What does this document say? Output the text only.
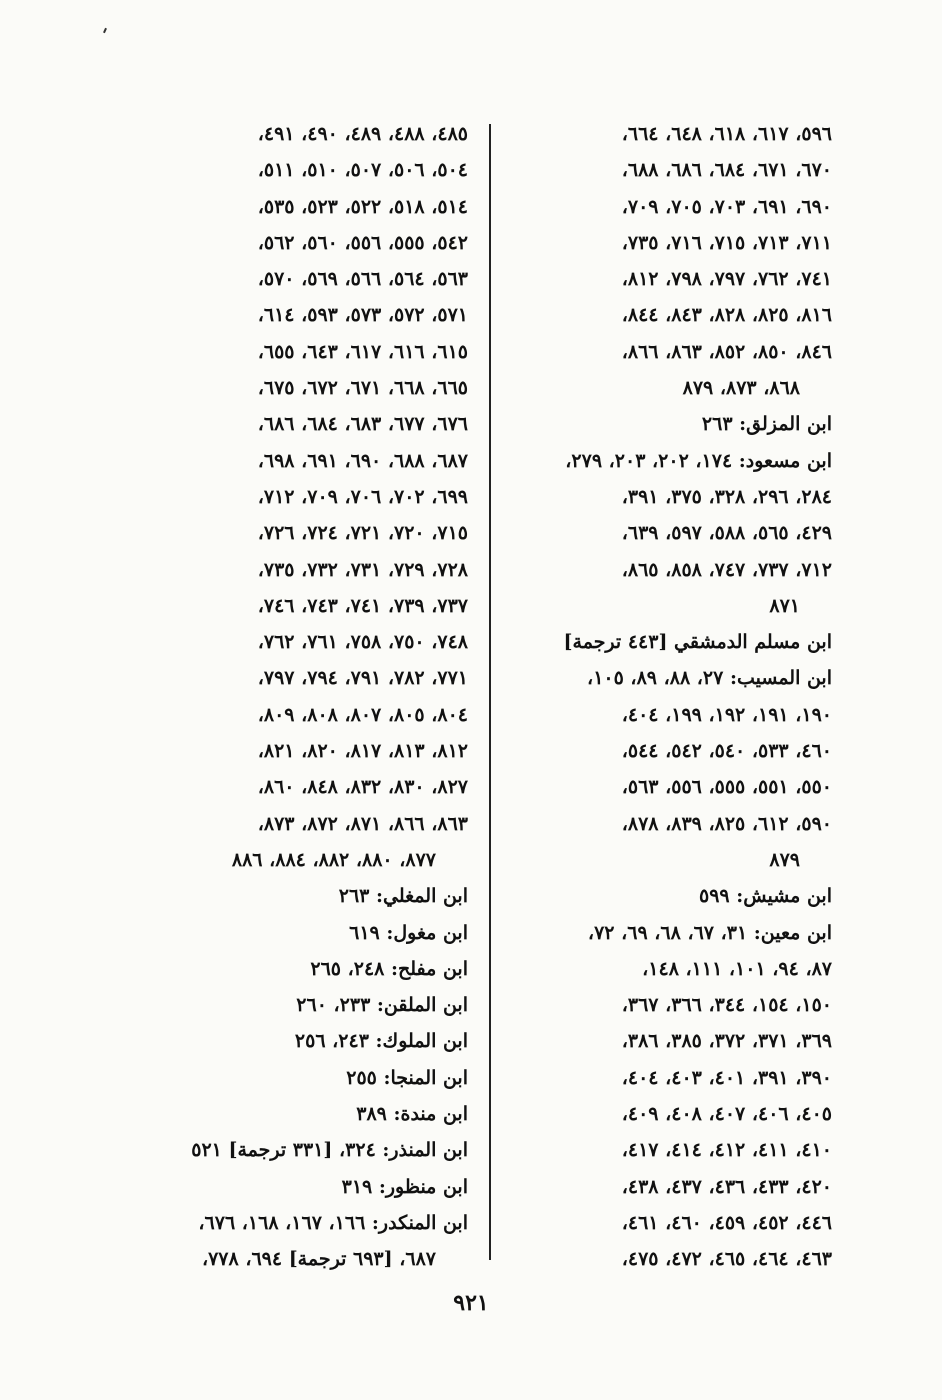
٥٩٦، ٦١٧، ٦١٨، ٦٤٨، ٦٦٤،
٦٧٠، ٦٧١، ٦٨٤، ٦٨٦، ٦٨٨،
٦٩٠، ٦٩١، ٧٠٣، ٧٠٥، ٧٠٩،
٧١١، ٧١٣، ٧١٥، ٧١٦، ٧٣٥،
٧٤١، ٧٦٢، ٧٩٧، ٧٩٨، ٨١٢،
٨١٦، ٨٢٥، ٨٢٨، ٨٤٣، ٨٤٤،
٨٤٦، ٨٥٠، ٨٥٢، ٨٦٣، ٨٦٦،
٨٦٨، ٨٧٣، ٨٧٩
ابن المزلق: ٢٦٣
ابن مسعود: ١٧٤، ٢٠٢، ٢٠٣، ٢٧٩،
٢٨٤، ٢٩٦، ٣٢٨، ٣٧٥، ٣٩١،
٤٢٩، ٥٦٥، ٥٨٨، ٥٩٧، ٦٣٩،
٧١٢، ٧٣٧، ٧٤٧، ٨٥٨، ٨٦٥،
٨٧١
ابن مسلم الدمشقي [٤٤٣ ترجمة]
ابن المسيب: ٢٧، ٨٨، ٨٩، ١٠٥،
١٩٠، ١٩١، ١٩٢، ١٩٩، ٤٠٤،
٤٦٠، ٥٣٣، ٥٤٠، ٥٤٢، ٥٤٤،
٥٥٠، ٥٥١، ٥٥٥، ٥٥٦، ٥٦٣،
٥٩٠، ٦١٢، ٨٢٥، ٨٣٩، ٨٧٨،
٨٧٩
ابن مشيش: ٥٩٩
ابن معين: ٣١، ٦٧، ٦٨، ٦٩، ٧٢،
٨٧، ٩٤، ١٠١، ١١١، ١٤٨،
١٥٠، ١٥٤، ٣٤٤، ٣٦٦، ٣٦٧،
٣٦٩، ٣٧١، ٣٧٢، ٣٨٥، ٣٨٦،
٣٩٠، ٣٩١، ٤٠١، ٤٠٣، ٤٠٤،
٤٠٥، ٤٠٦، ٤٠٧، ٤٠٨، ٤٠٩،
٤١٠، ٤١١، ٤١٢، ٤١٤، ٤١٧،
٤٢٠، ٤٣٣، ٤٣٦، ٤٣٧، ٤٣٨،
٤٤٦، ٤٥٢، ٤٥٩، ٤٦٠، ٤٦١،
٤٦٣، ٤٦٤، ٤٦٥، ٤٧٢، ٤٧٥،
٤٨٥، ٤٨٨، ٤٨٩، ٤٩٠، ٤٩١،
٥٠٤، ٥٠٦، ٥٠٧، ٥١٠، ٥١١،
٥١٤، ٥١٨، ٥٢٢، ٥٢٣، ٥٣٥،
٥٤٢، ٥٥٥، ٥٥٦، ٥٦٠، ٥٦٢،
٥٦٣، ٥٦٤، ٥٦٦، ٥٦٩، ٥٧٠،
٥٧١، ٥٧٢، ٥٧٣، ٥٩٣، ٦١٤،
٦١٥، ٦١٦، ٦١٧، ٦٤٣، ٦٥٥،
٦٦٥، ٦٦٨، ٦٧١، ٦٧٢، ٦٧٥،
٦٧٦، ٦٧٧، ٦٨٣، ٦٨٤، ٦٨٦،
٦٨٧، ٦٨٨، ٦٩٠، ٦٩١، ٦٩٨،
٦٩٩، ٧٠٢، ٧٠٦، ٧٠٩، ٧١٢،
٧١٥، ٧٢٠، ٧٢١، ٧٢٤، ٧٢٦،
٧٢٨، ٧٢٩، ٧٣١، ٧٣٢، ٧٣٥،
٧٣٧، ٧٣٩، ٧٤١، ٧٤٣، ٧٤٦،
٧٤٨، ٧٥٠، ٧٥٨، ٧٦١، ٧٦٢،
٧٧١، ٧٨٢، ٧٩١، ٧٩٤، ٧٩٧،
٨٠٤، ٨٠٥، ٨٠٧، ٨٠٨، ٨٠٩،
٨١٢، ٨١٣، ٨١٧، ٨٢٠، ٨٢١،
٨٢٧، ٨٣٠، ٨٣٢، ٨٤٨، ٨٦٠،
٨٦٣، ٨٦٦، ٨٧١، ٨٧٢، ٨٧٣،
٨٧٧، ٨٨٠، ٨٨٢، ٨٨٤، ٨٨٦
ابن المغلي: ٢٦٣
ابن مغول: ٦١٩
ابن مفلح: ٢٤٨، ٢٦٥
ابن الملقن: ٢٣٣، ٢٦٠
ابن الملوك: ٢٤٣، ٢٥٦
ابن المنجا: ٢٥٥
ابن مندة: ٣٨٩
ابن المنذر: ٣٢٤، [٣٣١ ترجمة] ٥٢١
ابن منظور: ٣١٩
ابن المنكدر: ١٦٦، ١٦٧، ١٦٨، ٦٧٦،
٦٨٧، [٦٩٣ ترجمة] ٦٩٤، ٧٧٨،
٩٢١
